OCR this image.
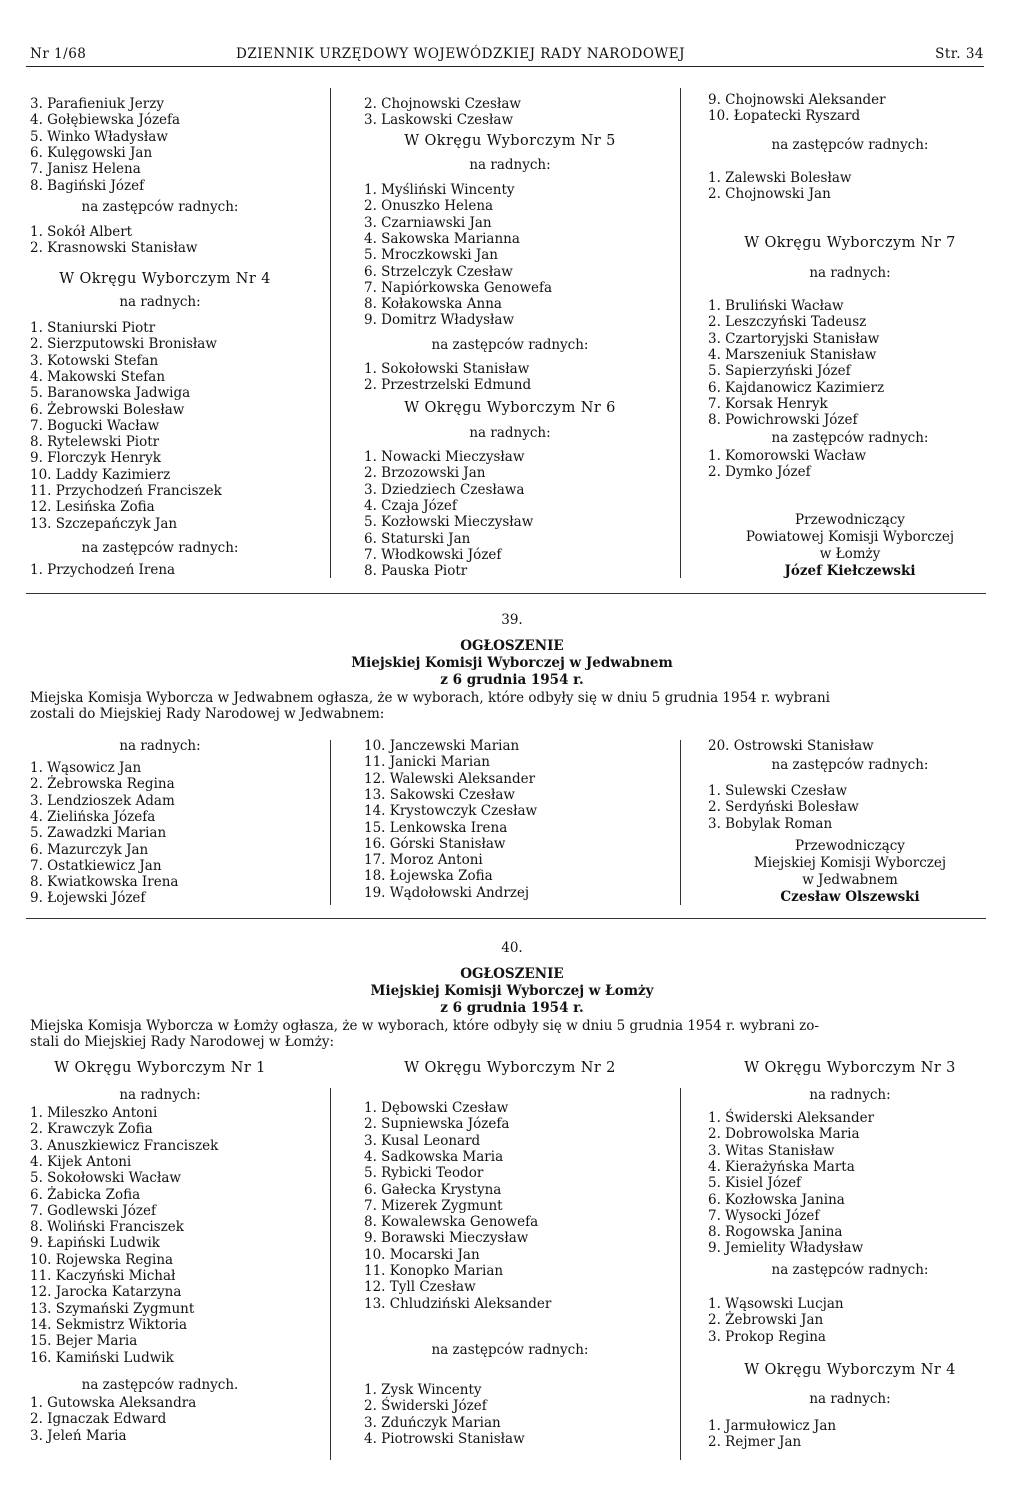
Nr 1/68	DZIENNIK URZĘDOWY WOJEWÓDZKIEJ RADY NARODOWEJ	Str. 34
3. Parafieniuk Jerzy
4. Gołębiewska Józefa
5. Winko Władysław
6. Kulęgowski Jan
7. Janisz Helena
8. Bagiński Józef
na zastępców radnych:
1. Sokół Albert
2. Krasnowski Stanisław
W Okręgu Wyborczym Nr 4
na radnych:
1. Staniurski Piotr
2. Sierzputowski Bronisław
3. Kotowski Stefan
4. Makowski Stefan
5. Baranowska Jadwiga
6. Żebrowski Bolesław
7. Bogucki Wacław
8. Rytelewski Piotr
9. Florczyk Henryk
10. Laddy Kazimierz
11. Przychodzeń Franciszek
12. Lesińska Zofia
13. Szczepańczyk Jan
na zastępców radnych:
1. Przychodzeń Irena
2. Chojnowski Czesław
3. Laskowski Czesław
W Okręgu Wyborczym Nr 5
na radnych:
1. Myśliński Wincenty
2. Onuszko Helena
3. Czarniawski Jan
4. Sakowska Marianna
5. Mroczkowski Jan
6. Strzelczyk Czesław
7. Napiórkowska Genowefa
8. Kołakowska Anna
9. Domitrz Władysław
na zastępców radnych:
1. Sokołowski Stanisław
2. Przestrzelski Edmund
W Okręgu Wyborczym Nr 6
na radnych:
1. Nowacki Mieczysław
2. Brzozowski Jan
3. Dziedziech Czesława
4. Czaja Józef
5. Kozłowski Mieczysław
6. Staturski Jan
7. Włodkowski Józef
8. Pauska Piotr
9. Chojnowski Aleksander
10. Łopatecki Ryszard
na zastępców radnych:
1. Zalewski Bolesław
2. Chojnowski Jan
W Okręgu Wyborczym Nr 7
na radnych:
1. Bruliński Wacław
2. Leszczyński Tadeusz
3. Czartoryjski Stanisław
4. Marszeniuk Stanisław
5. Sapierzyński Józef
6. Kajdanowicz Kazimierz
7. Korsak Henryk
8. Powichrowski Józef
na zastępców radnych:
1. Komorowski Wacław
2. Dymko Józef
Przewodniczący
Powiatowej Komisji Wyborczej
w Łomży
Józef Kiełczewski
39.
OGŁOSZENIE
Miejskiej Komisji Wyborczej w Jedwabnem
z 6 grudnia 1954 r.
Miejska Komisja Wyborcza w Jedwabnem ogłasza, że w wyborach, które odbyły się w dniu 5 grudnia 1954 r. wybrani
zostali do Miejskiej Rady Narodowej w Jedwabnem:
na radnych:
1. Wąsowicz Jan
2. Żebrowska Regina
3. Lendzioszek Adam
4. Zielińska Józefa
5. Zawadzki Marian
6. Mazurczyk Jan
7. Ostatkiewicz Jan
8. Kwiatkowska Irena
9. Łojewski Józef
10. Janczewski Marian
11. Janicki Marian
12. Walewski Aleksander
13. Sakowski Czesław
14. Krystowczyk Czesław
15. Lenkowska Irena
16. Górski Stanisław
17. Moroz Antoni
18. Łojewska Zofia
19. Wądołowski Andrzej
20. Ostrowski Stanisław
na zastępców radnych:
1. Sulewski Czesław
2. Serdyński Bolesław
3. Bobylak Roman
Przewodniczący
Miejskiej Komisji Wyborczej
w Jedwabnem
Czesław Olszewski
40.
OGŁOSZENIE
Miejskiej Komisji Wyborczej w Łomży
z 6 grudnia 1954 r.
Miejska Komisja Wyborcza w Łomży ogłasza, że w wyborach, które odbyły się w dniu 5 grudnia 1954 r. wybrani zo-
stali do Miejskiej Rady Narodowej w Łomży:
W Okręgu Wyborczym Nr 1
na radnych:
1. Mileszko Antoni
2. Krawczyk Zofia
3. Anuszkiewicz Franciszek
4. Kijek Antoni
5. Sokołowski Wacław
6. Żabicka Zofia
7. Godlewski Józef
8. Woliński Franciszek
9. Łapiński Ludwik
10. Rojewska Regina
11. Kaczyński Michał
12. Jarocka Katarzyna
13. Szymański Zygmunt
14. Sekmistrz Wiktoria
15. Bejer Maria
16. Kamiński Ludwik
na zastępców radnych.
1. Gutowska Aleksandra
2. Ignaczak Edward
3. Jeleń Maria
W Okręgu Wyborczym Nr 2
1. Dębowski Czesław
2. Supniewska Józefa
3. Kusal Leonard
4. Sadkowska Maria
5. Rybicki Teodor
6. Gałecka Krystyna
7. Mizerek Zygmunt
8. Kowalewska Genowefa
9. Borawski Mieczysław
10. Mocarski Jan
11. Konopko Marian
12. Tyll Czesław
13. Chludziński Aleksander
na zastępców radnych:
1. Zysk Wincenty
2. Świderski Józef
3. Zduńczyk Marian
4. Piotrowski Stanisław
W Okręgu Wyborczym Nr 3
na radnych:
1. Świderski Aleksander
2. Dobrowolska Maria
3. Witas Stanisław
4. Kierażyńska Marta
5. Kisiel Józef
6. Kozłowska Janina
7. Wysocki Józef
8. Rogowska Janina
9. Jemielity Władysław
na zastępców radnych:
1. Wąsowski Lucjan
2. Żebrowski Jan
3. Prokop Regina
W Okręgu Wyborczym Nr 4
na radnych:
1. Jarmułowicz Jan
2. Rejmer Jan
